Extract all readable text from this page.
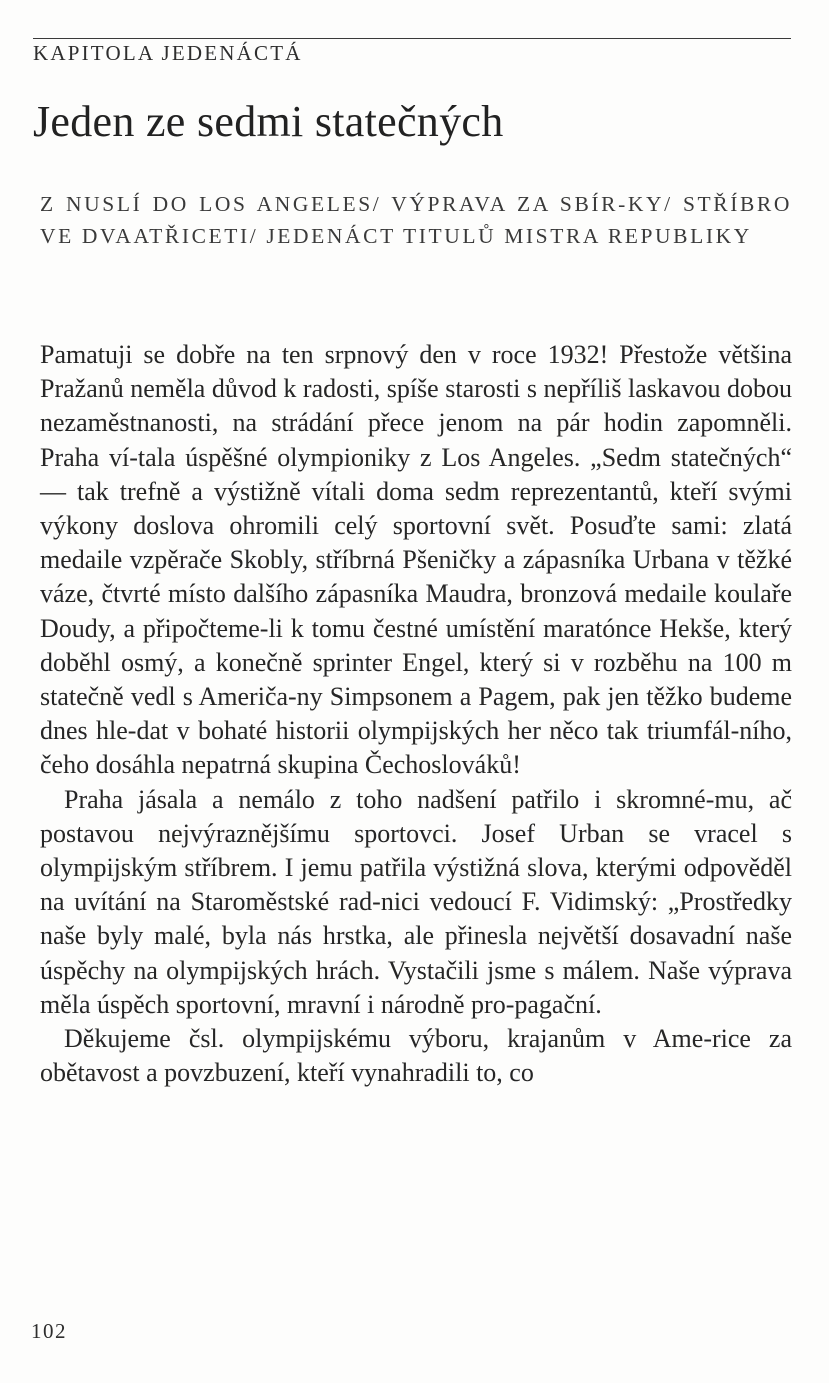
KAPITOLA JEDENÁCTÁ
Jeden ze sedmi statečných
Z NUSLÍ DO LOS ANGELES/ VÝPRAVA ZA SBÍR-KY/ STŘÍBRO VE DVAATŘICETI/ JEDENÁCT TITULŮ MISTRA REPUBLIKY

Pamatuji se dobře na ten srpnový den v roce 1932! Přestože většina Pražanů neměla důvod k radosti, spíše starosti s nepříliš laskavou dobou nezaměstnanosti, na strádání přece jenom na pár hodin zapomněli. Praha ví-tala úspěšné olympioniky z Los Angeles. „Sedm statečných“ — tak trefně a výstižně vítali doma sedm reprezentantů, kteří svými výkony doslova ohromili celý sportovní svět. Posuďte sami: zlatá medaile vzpěrače Skobly, stříbrná Pšeničky a zápasníka Urbana v těžké váze, čtvrté místo dalšího zápasníka Maudra, bronzová medaile koulaře Doudy, a připočteme-li k tomu čestné umístění maratónce Hekše, který doběhl osmý, a konečně sprinter Engel, který si v rozběhu na 100 m statečně vedl s Američa-ny Simpsonem a Pagem, pak jen těžko budeme dnes hle-dat v bohaté historii olympijských her něco tak triumfál-ního, čeho dosáhla nepatrná skupina Čechoslováků!

Praha jásala a nemálo z toho nadšení patřilo i skromné-mu, ač postavou nejvýraznějšímu sportovci. Josef Urban se vracel s olympijským stříbrem. I jemu patřila výstižná slova, kterými odpověděl na uvítání na Staroměstské rad-nici vedoucí F. Vidimský: „Prostředky naše byly malé, byla nás hrstka, ale přinesla největší dosavadní naše úspěchy na olympijských hrách. Vystačili jsme s málem. Naše výprava měla úspěch sportovní, mravní i národně pro-pagační.

Děkujeme čsl. olympijskému výboru, krajanům v Ame-rice za obětavost a povzbuzení, kteří vynahradili to, co

102
